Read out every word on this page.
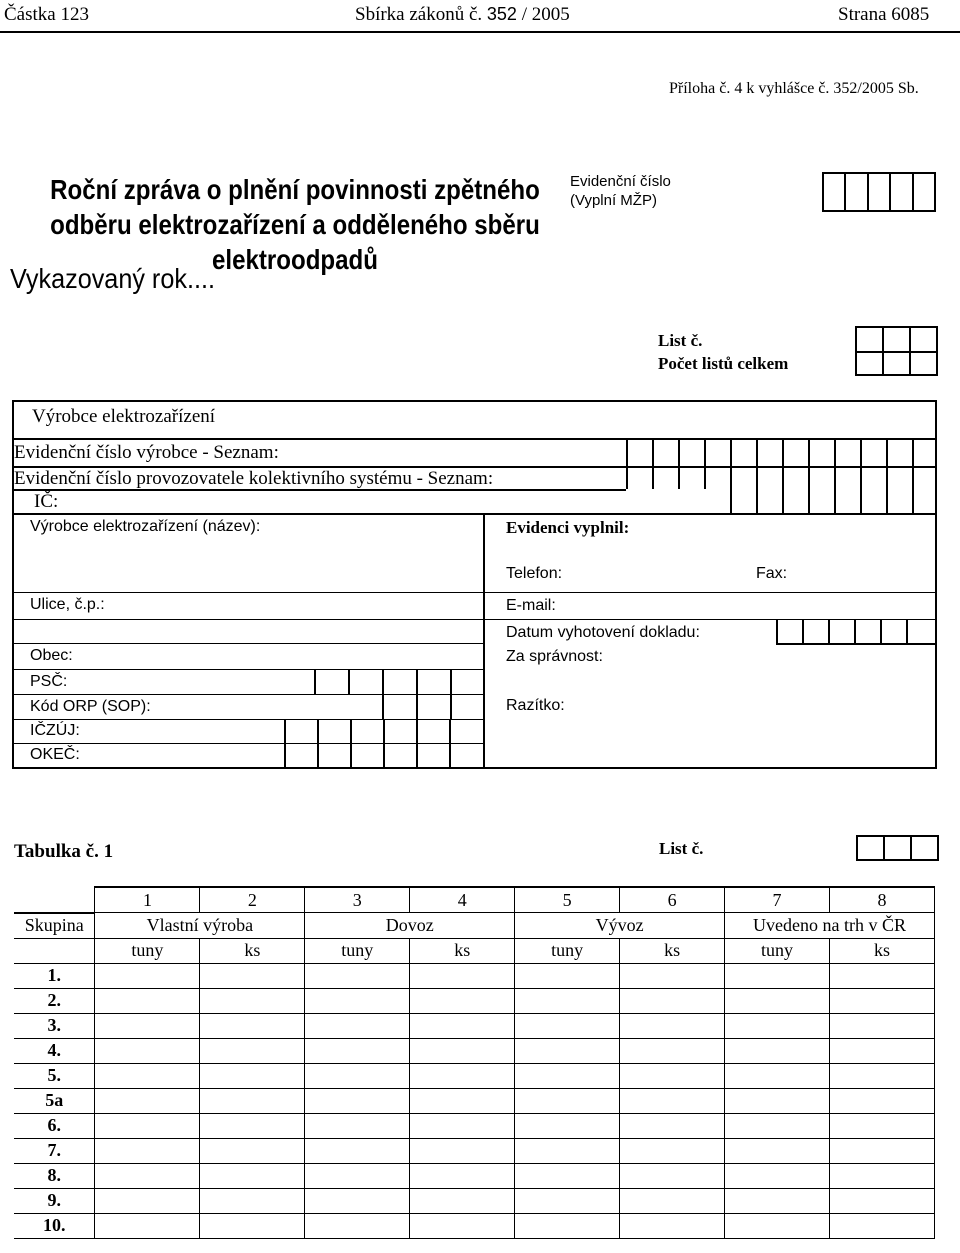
Částka 123	Sbírka zákonů č. 352 / 2005	Strana 6085
Příloha č. 4 k vyhlášce č. 352/2005 Sb.
Roční zpráva o plnění povinnosti zpětného
odběru elektrozařízení a odděleného sběru
elektroodpadů
Vykazovaný rok....
Evidenční číslo
(Vyplní MŽP)
List č.
Počet listů celkem
Výrobce elektrozařízení
Evidenční číslo výrobce - Seznam:
Evidenční číslo provozovatele kolektivního systému - Seznam:
IČ:
Výrobce elektrozařízení (název):
Ulice, č.p.:
Obec:
PSČ:
Kód ORP (SOP):
IČZÚJ:
OKEČ:
Evidenci vyplnil:
Telefon:	Fax:
E-mail:
Datum vyhotovení dokladu:
Za správnost:
Razítko:
Tabulka č. 1	List č.
	1	2	3	4	5	6	7	8
Skupina	Vlastní výroba		Dovoz		Vývoz		Uvedeno na trh v ČR	
	tuny	ks	tuny	ks	tuny	ks	tuny	ks
1.								
2.								
3.								
4.								
5.								
5a								
6.								
7.								
8.								
9.								
10.								
